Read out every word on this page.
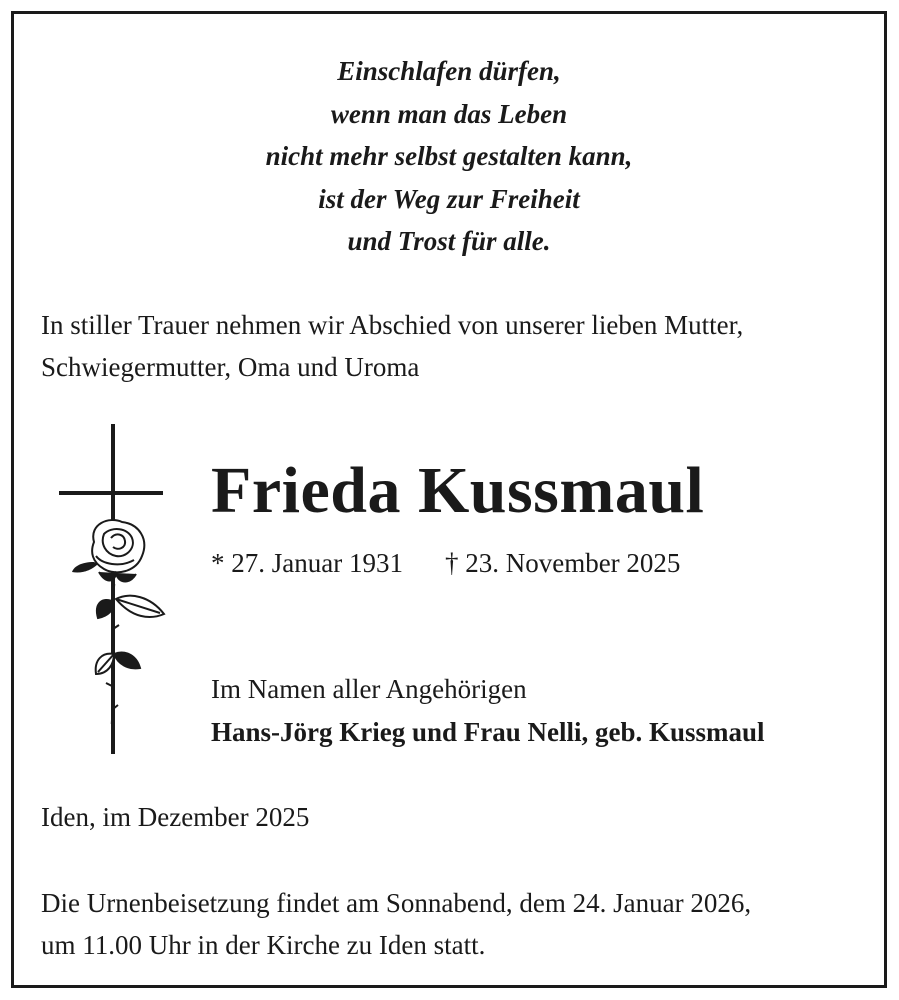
Einschlafen dürfen,
wenn man das Leben
nicht mehr selbst gestalten kann,
ist der Weg zur Freiheit
und Trost für alle.
In stiller Trauer nehmen wir Abschied von unserer lieben Mutter,
Schwiegermutter, Oma und Uroma
Frieda Kussmaul
* 27. Januar 1931 † 23. November 2025
Im Namen aller Angehörigen
Hans-Jörg Krieg und Frau Nelli, geb. Kussmaul
Iden, im Dezember 2025
Die Urnenbeisetzung findet am Sonnabend, dem 24. Januar 2026,
um 11.00 Uhr in der Kirche zu Iden statt.
